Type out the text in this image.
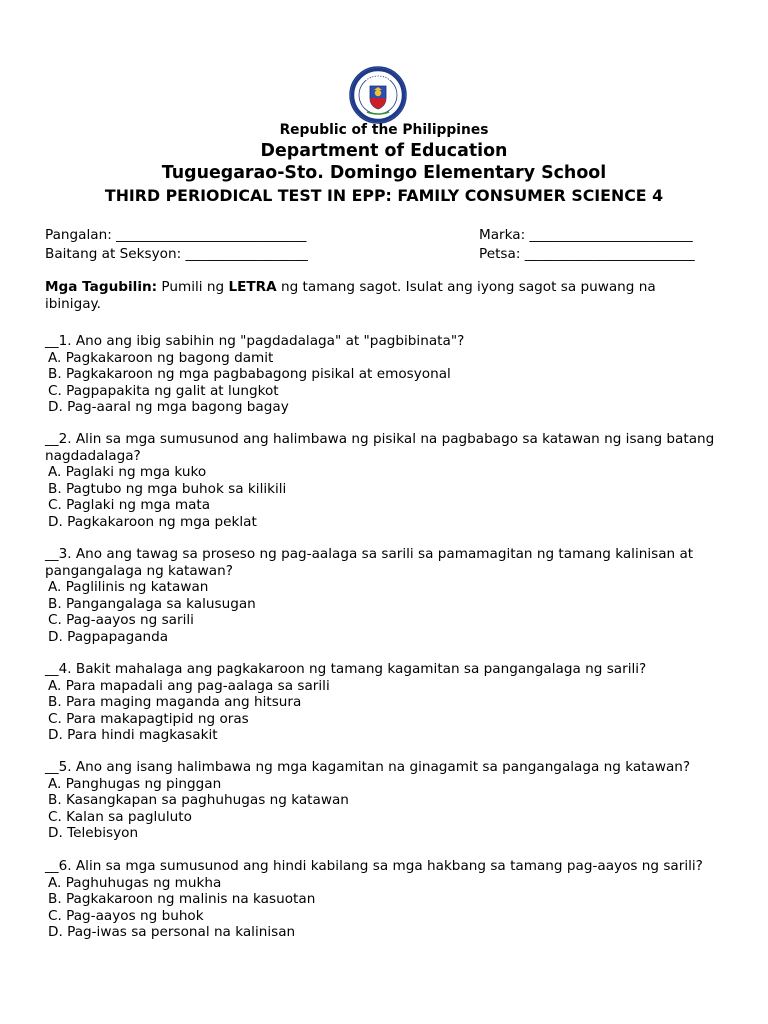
Republic of the Philippines
Department of Education
Tuguegarao-Sto. Domingo Elementary School
THIRD PERIODICAL TEST IN EPP: FAMILY CONSUMER SCIENCE 4
Pangalan: ____________________________
Baitang at Seksyon: __________________
Marka: ________________________
Petsa: _________________________
Mga Tagubilin: Pumili ng LETRA ng tamang sagot. Isulat ang iyong sagot sa puwang na ibinigay.
__1. Ano ang ibig sabihin ng "pagdadalaga" at "pagbibinata"?
A. Pagkakaroon ng bagong damit
B. Pagkakaroon ng mga pagbabagong pisikal at emosyonal
C. Pagpapakita ng galit at lungkot
D. Pag-aaral ng mga bagong bagay
__2. Alin sa mga sumusunod ang halimbawa ng pisikal na pagbabago sa katawan ng isang batang nagdadalaga?
A. Paglaki ng mga kuko
B. Pagtubo ng mga buhok sa kilikili
C. Paglaki ng mga mata
D. Pagkakaroon ng mga peklat
__3. Ano ang tawag sa proseso ng pag-aalaga sa sarili sa pamamagitan ng tamang kalinisan at pangangalaga ng katawan?
A. Paglilinis ng katawan
B. Pangangalaga sa kalusugan
C. Pag-aayos ng sarili
D. Pagpapaganda
__4. Bakit mahalaga ang pagkakaroon ng tamang kagamitan sa pangangalaga ng sarili?
A. Para mapadali ang pag-aalaga sa sarili
B. Para maging maganda ang hitsura
C. Para makapagtipid ng oras
D. Para hindi magkasakit
__5. Ano ang isang halimbawa ng mga kagamitan na ginagamit sa pangangalaga ng katawan?
A. Panghugas ng pinggan
B. Kasangkapan sa paghuhugas ng katawan
C. Kalan sa pagluluto
D. Telebisyon
__6. Alin sa mga sumusunod ang hindi kabilang sa mga hakbang sa tamang pag-aayos ng sarili?
A. Paghuhugas ng mukha
B. Pagkakaroon ng malinis na kasuotan
C. Pag-aayos ng buhok
D. Pag-iwas sa personal na kalinisan
